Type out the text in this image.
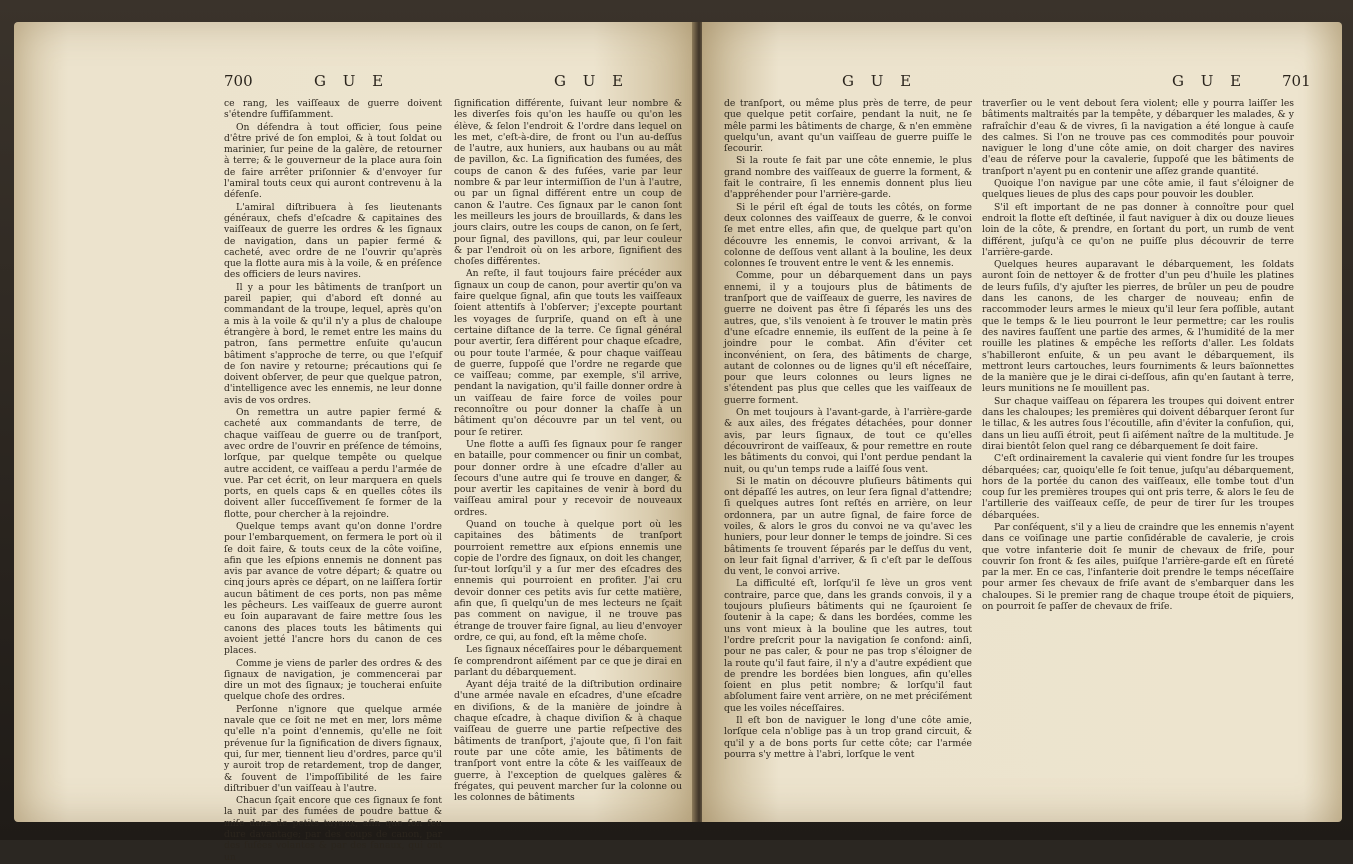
700	G U E	G U E

ce rang, les vaiſſeaux de guerre doivent s'étendre ſuffiſamment.

On défendra à tout officier, ſous peine d'être privé de ſon emploi, & à tout ſoldat ou marinier, ſur peine de la galère, de retourner à terre; & le gouverneur de la place aura ſoin de faire arrêter priſonnier & d'envoyer ſur l'amiral touts ceux qui auront contrevenu à la défenſe.

L'amiral diſtribuera à ſes lieutenants généraux, chefs d'eſcadre & capitaines des vaiſſeaux de guerre les ordres & les ſignaux de navigation, dans un papier fermé & cacheté, avec ordre de ne l'ouvrir qu'après que la flotte aura mis à la voile, & en préſence des officiers de leurs navires.

Il y a pour les bâtiments de tranſport un pareil papier, qui d'abord eſt donné au commandant de la troupe, lequel, après qu'on a mis à la voile & qu'il n'y a plus de chaloupe étrangère à bord, le remet entre les mains du patron, ſans permettre enſuite qu'aucun bâtiment s'approche de terre, ou que l'eſquif de ſon navire y retourne; précautions qui ſe doivent obſerver, de peur que quelque patron, d'intelligence avec les ennemis, ne leur donne avis de vos ordres.

On remettra un autre papier fermé & cacheté aux commandants de terre, de chaque vaiſſeau de guerre ou de tranſport, avec ordre de l'ouvrir en préſence de témoins, lorſque, par quelque tempête ou quelque autre accident, ce vaiſſeau a perdu l'armée de vue. Par cet écrit, on leur marquera en quels ports, en quels caps & en quelles côtes ils doivent aller ſucceſſivement ſe former de la flotte, pour chercher à la rejoindre.

Quelque temps avant qu'on donne l'ordre pour l'embarquement, on fermera le port où il ſe doit faire, & touts ceux de la côte voiſine, afin que les eſpions ennemis ne donnent pas avis par avance de votre départ; & quatre ou cinq jours après ce départ, on ne laiſſera ſortir aucun bâtiment de ces ports, non pas même les pêcheurs. Les vaiſſeaux de guerre auront eu ſoin auparavant de faire mettre ſous les canons des places touts les bâtiments qui avoient jetté l'ancre hors du canon de ces places.

Comme je viens de parler des ordres & des ſignaux de navigation, je commencerai par dire un mot des ſignaux; je toucherai enſuite quelque choſe des ordres.

Perſonne n'ignore que quelque armée navale que ce ſoit ne met en mer, lors même qu'elle n'a point d'ennemis, qu'elle ne ſoit prévenue ſur la ſignification de divers ſignaux, qui, ſur mer, tiennent lieu d'ordres, parce qu'il y auroit trop de retardement, trop de danger, & ſouvent de l'impoſſibilité de les faire diſtribuer d'un vaiſſeau à l'autre.

Chacun ſçait encore que ces ſignaux ſe font la nuit par des fumées de poudre battue & miſe dans de petits tuyaux, afin que ſon feu dure davantage; par des coups de canon, par des fuſées volantes & par des fanaux, qui ont un

ſignification différente, ſuivant leur nombre & les diverſes fois qu'on les hauſſe ou qu'on les élève, & ſelon l'endroit & l'ordre dans lequel on les met, c'eſt-à-dire, de front ou l'un au-deſſus de l'autre, aux huniers, aux haubans ou au mât de pavillon, &c. La ſignification des fumées, des coups de canon & des fuſées, varie par leur nombre & par leur intermiſſion de l'un à l'autre, ou par un ſignal différent entre un coup de canon & l'autre. Ces ſignaux par le canon ſont les meilleurs les jours de brouillards, & dans les jours clairs, outre les coups de canon, on ſe ſert, pour ſignal, des pavillons, qui, par leur couleur & par l'endroit où on les arbore, ſignifient des choſes différentes.

An reſte, il faut toujours faire précéder aux ſignaux un coup de canon, pour avertir qu'on va faire quelque ſignal, afin que touts les vaiſſeaux ſoient attentifs à l'obſerver; j'excepte pourtant les voyages de ſurpriſe, quand on eſt à une certaine diſtance de la terre. Ce ſignal général pour avertir, ſera différent pour chaque eſcadre, ou pour toute l'armée, & pour chaque vaiſſeau de guerre, ſuppoſé que l'ordre ne regarde que ce vaiſſeau; comme, par exemple, s'il arrive, pendant la navigation, qu'il faille donner ordre à un vaiſſeau de faire force de voiles pour reconnoître ou pour donner la chaſſe à un bâtiment qu'on découvre par un tel vent, ou pour ſe retirer.

Une flotte a auſſi ſes ſignaux pour ſe ranger en bataille, pour commencer ou finir un combat, pour donner ordre à une eſcadre d'aller au ſecours d'une autre qui ſe trouve en danger, & pour avertir les capitaines de venir à bord du vaiſſeau amiral pour y recevoir de nouveaux ordres.

Quand on touche à quelque port où les capitaines des bâtiments de tranſport pourroient remettre aux eſpions ennemis une copie de l'ordre des ſignaux, on doit les changer, ſur-tout lorſqu'il y a ſur mer des eſcadres des ennemis qui pourroient en profiter. J'ai cru devoir donner ces petits avis ſur cette matière, afin que, ſi quelqu'un de mes lecteurs ne ſçait pas comment on navigue, il ne trouve pas étrange de trouver faire ſignal, au lieu d'envoyer ordre, ce qui, au fond, eſt la même choſe.

Les ſignaux néceſſaires pour le débarquement ſe comprendront aiſément par ce que je dirai en parlant du débarquement.

Ayant déja traité de la diſtribution ordinaire d'une armée navale en eſcadres, d'une eſcadre en diviſions, & de la manière de joindre à chaque eſcadre, à chaque diviſion & à chaque vaiſſeau de guerre une partie reſpective des bâtiments de tranſport, j'ajoute que, ſi l'on fait route par une côte amie, les bâtiments de tranſport vont entre la côte & les vaiſſeaux de guerre, à l'exception de quelques galères & frégates, qui peuvent marcher ſur la colonne ou les colonnes de bâtiments

G U E	G U E 701

de tranſport, ou même plus près de terre, de peur que quelque petit corſaire, pendant la nuit, ne ſe mêle parmi les bâtiments de charge, & n'en emmène quelqu'un, avant qu'un vaiſſeau de guerre puiſſe le ſecourir.

Si la route ſe fait par une côte ennemie, le plus grand nombre des vaiſſeaux de guerre la forment, & fait le contraire, ſi les ennemis donnent plus lieu d'appréhender pour l'arrière-garde.

Si le péril eſt égal de touts les côtés, on forme deux colonnes des vaiſſeaux de guerre, & le convoi ſe met entre elles, afin que, de quelque part qu'on découvre les ennemis, le convoi arrivant, & la colonne de deſſous vent allant à la bouline, les deux colonnes ſe trouvent entre le vent & les ennemis.

Comme, pour un débarquement dans un pays ennemi, il y a toujours plus de bâtiments de tranſport que de vaiſſeaux de guerre, les navires de guerre ne doivent pas être ſi ſéparés les uns des autres, que, s'ils venoient à ſe trouver le matin près d'une eſcadre ennemie, ils euſſent de la peine à ſe joindre pour le combat. Afin d'éviter cet inconvénient, on ſera, des bâtiments de charge, autant de colonnes ou de lignes qu'il eſt néceſſaire, pour que leurs colonnes ou leurs lignes ne s'étendent pas plus que celles que les vaiſſeaux de guerre forment.

On met toujours à l'avant-garde, à l'arrière-garde & aux ailes, des frégates détachées, pour donner avis, par leurs ſignaux, de tout ce qu'elles découvriront de vaiſſeaux, & pour remettre en route les bâtiments du convoi, qui l'ont perdue pendant la nuit, ou qu'un temps rude a laiſſé ſous vent.

Si le matin on découvre pluſieurs bâtiments qui ont dépaſſé les autres, on leur ſera ſignal d'attendre; ſi quelques autres ſont reſtés en arrière, on leur ordonnera, par un autre ſignal, de faire force de voiles, & alors le gros du convoi ne va qu'avec les huniers, pour leur donner le temps de joindre. Si ces bâtiments ſe trouvent ſéparés par le deſſus du vent, on leur fait ſignal d'arriver, & ſi c'eſt par le deſſous du vent, le convoi arrive.

La difficulté eſt, lorſqu'il ſe lève un gros vent contraire, parce que, dans les grands convois, il y a toujours pluſieurs bâtiments qui ne ſçauroient ſe ſoutenir à la cape; & dans les bordées, comme les uns vont mieux à la bouline que les autres, tout l'ordre preſcrit pour la navigation ſe confond: ainſi, pour ne pas caler, & pour ne pas trop s'éloigner de la route qu'il faut faire, il n'y a d'autre expédient que de prendre les bordées bien longues, afin qu'elles ſoient en plus petit nombre; & lorſqu'il faut abſolument faire vent arrière, on ne met préciſément que les voiles néceſſaires.

Il eſt bon de naviguer le long d'une côte amie, lorſque cela n'oblige pas à un trop grand circuit, & qu'il y a de bons ports ſur cette côte; car l'armée pourra s'y mettre à l'abri, lorſque le vent

traverſier ou le vent debout ſera violent; elle y pourra laiſſer les bâtiments maltraités par la tempête, y débarquer les malades, & y rafraîchir d'eau & de vivres, ſi la navigation a été longue à cauſe des calmes. Si l'on ne trouve pas ces commodités pour pouvoir naviguer le long d'une côte amie, on doit charger des navires d'eau de réſerve pour la cavalerie, ſuppoſé que les bâtiments de tranſport n'ayent pu en contenir une aſſez grande quantité.

Quoique l'on navigue par une côte amie, il faut s'éloigner de quelques lieues de plus des caps pour pouvoir les doubler.

S'il eſt important de ne pas donner à connoître pour quel endroit la flotte eſt deſtinée, il faut naviguer à dix ou douze lieues loin de la côte, & prendre, en ſortant du port, un rumb de vent différent, juſqu'à ce qu'on ne puiſſe plus découvrir de terre l'arrière-garde.

Quelques heures auparavant le débarquement, les ſoldats auront ſoin de nettoyer & de frotter d'un peu d'huile les platines de leurs fuſils, d'y ajuſter les pierres, de brûler un peu de poudre dans les canons, de les charger de nouveau; enfin de raccommoder leurs armes le mieux qu'il leur ſera poſſible, autant que le temps & le lieu pourront le leur permettre; car les roulis des navires fauſſent une partie des armes, & l'humidité de la mer rouille les platines & empêche les reſſorts d'aller. Les ſoldats s'habilleront enſuite, & un peu avant le débarquement, ils mettront leurs cartouches, leurs fourniments & leurs baïonnettes de la manière que je le dirai ci-deſſous, afin qu'en ſautant à terre, leurs munitions ne ſe mouillent pas.

Sur chaque vaiſſeau on ſéparera les troupes qui doivent entrer dans les chaloupes; les premières qui doivent débarquer ſeront ſur le tillac, & les autres ſous l'écoutille, afin d'éviter la confuſion, qui, dans un lieu auſſi étroit, peut ſi aiſément naître de la multitude. Je dirai bientôt ſelon quel rang ce débarquement ſe doit faire.

C'eſt ordinairement la cavalerie qui vient fondre ſur les troupes débarquées; car, quoiqu'elle ſe ſoit tenue, juſqu'au débarquement, hors de la portée du canon des vaiſſeaux, elle tombe tout d'un coup ſur les premières troupes qui ont pris terre, & alors le ſeu de l'artillerie des vaiſſeaux ceſſe, de peur de tirer ſur les troupes débarquées.

Par conſéquent, s'il y a lieu de craindre que les ennemis n'ayent dans ce voiſinage une partie conſidérable de cavalerie, je crois que votre infanterie doit ſe munir de chevaux de friſe, pour couvrir ſon front & ſes ailes, puiſque l'arrière-garde eſt en ſûreté par la mer. En ce cas, l'infanterie doit prendre le temps néceſſaire pour armer ſes chevaux de friſe avant de s'embarquer dans les chaloupes. Si le premier rang de chaque troupe étoit de piquiers, on pourroit ſe paſſer de chevaux de friſe.
